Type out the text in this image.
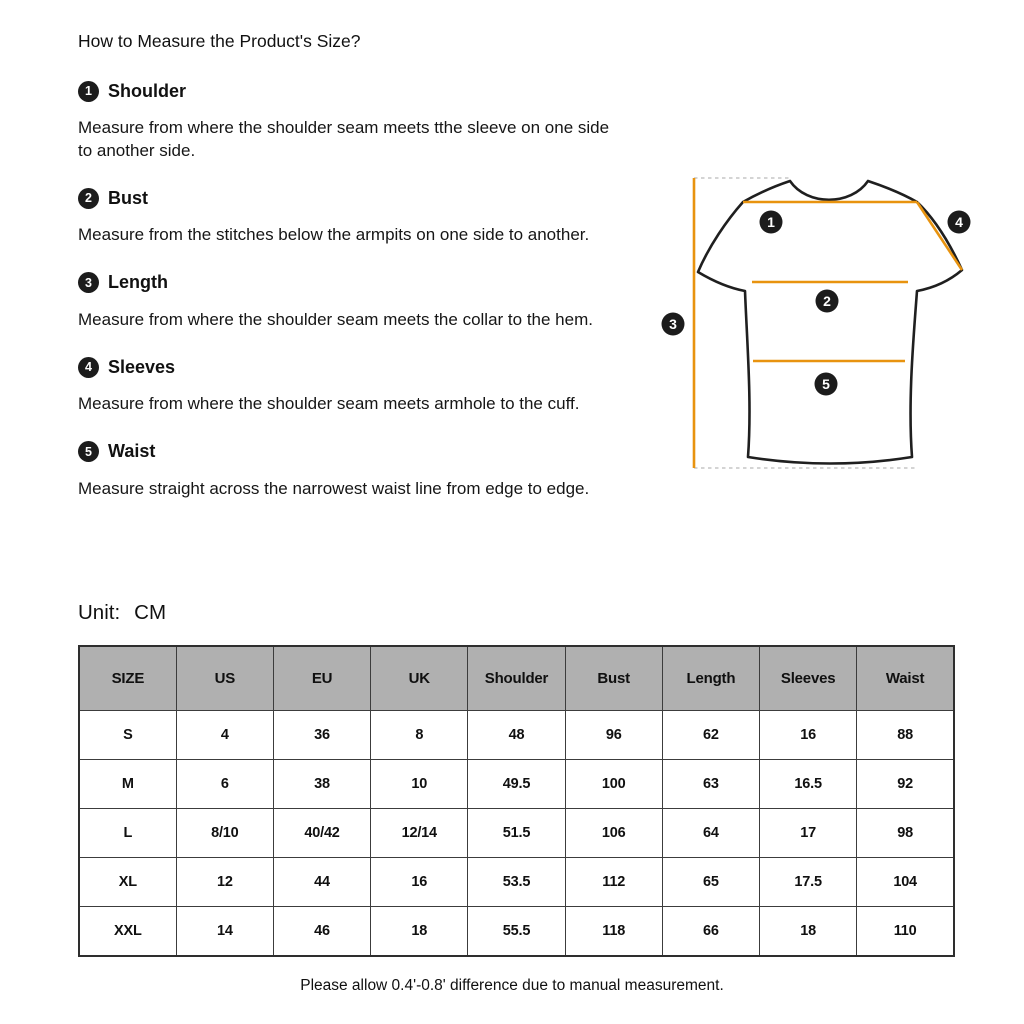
How to Measure the Product's Size?
1 Shoulder

Measure from where the shoulder seam meets tthe sleeve on one side to another side.

2 Bust

Measure from the stitches below the armpits on one side to another.

3 Length

Measure from where the shoulder seam meets the collar to the hem.

4 Sleeves

Measure from where the shoulder seam meets armhole to the cuff.

5 Waist

Measure straight across the narrowest waist line from edge to edge.

1
2
3
4
5
Unit: CM
SIZE	US	EU	UK	Shoulder	Bust	Length	Sleeves	Waist
S	4	36	8	48	96	62	16	88
M	6	38	10	49.5	100	63	16.5	92
L	8/10	40/42	12/14	51.5	106	64	17	98
XL	12	44	16	53.5	112	65	17.5	104
XXL	14	46	18	55.5	118	66	18	110
Please allow 0.4'-0.8' difference due to manual measurement.
